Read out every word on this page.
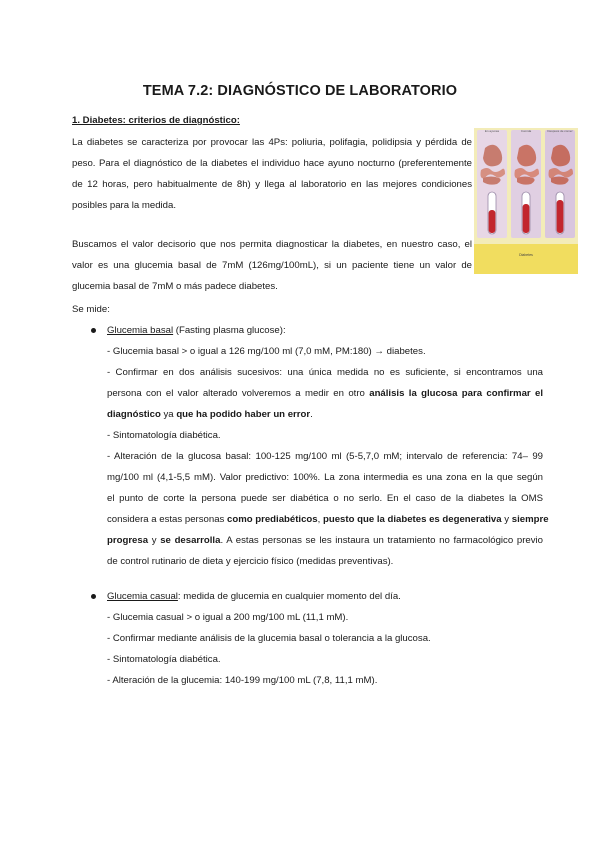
TEMA 7.2: DIAGNÓSTICO DE LABORATORIO
1. Diabetes: criterios de diagnóstico:
La diabetes se caracteriza por provocar las 4Ps: poliuria, polifagia, polidipsia y pérdida de
peso. Para el diagnóstico de la diabetes el individuo hace ayuno nocturno (preferentemente
de 12 horas, pero habitualmente de 8h) y llega al laboratorio en las mejores condiciones
posibles para la medida.
En ayunas	Comida	Después de comer
Diabetes
Buscamos el valor decisorio que nos permita diagnosticar la diabetes, en nuestro caso, el
valor es una glucemia basal de 7mM (126mg/100mL), si un paciente tiene un valor de
glucemia basal de 7mM o más padece diabetes.
Se mide:
Glucemia basal (Fasting plasma glucose):
- Glucemia basal > o igual a 126 mg/100 ml (7,0 mM, PM:180) → diabetes.
- Confirmar en dos análisis sucesivos: una única medida no es suficiente, si encontramos una
persona con el valor alterado volveremos a medir en otro análisis la glucosa para confirmar el
diagnóstico ya que ha podido haber un error.
- Sintomatología diabética.
- Alteración de la glucosa basal: 100-125 mg/100 ml (5-5,7,0 mM; intervalo de referencia: 74– 99
mg/100 ml (4,1-5,5 mM). Valor predictivo: 100%. La zona intermedia es una zona en la que según
el punto de corte la persona puede ser diabética o no serlo. En el caso de la diabetes la OMS
considera a estas personas como prediabéticos, puesto que la diabetes es degenerativa y siempre
progresa y se desarrolla. A estas personas se les instaura un tratamiento no farmacológico previo
de control rutinario de dieta y ejercicio físico (medidas preventivas).
Glucemia casual: medida de glucemia en cualquier momento del día.
- Glucemia casual > o igual a 200 mg/100 mL (11,1 mM).
- Confirmar mediante análisis de la glucemia basal o tolerancia a la glucosa.
- Sintomatología diabética.
- Alteración de la glucemia: 140-199 mg/100 mL (7,8, 11,1 mM).
